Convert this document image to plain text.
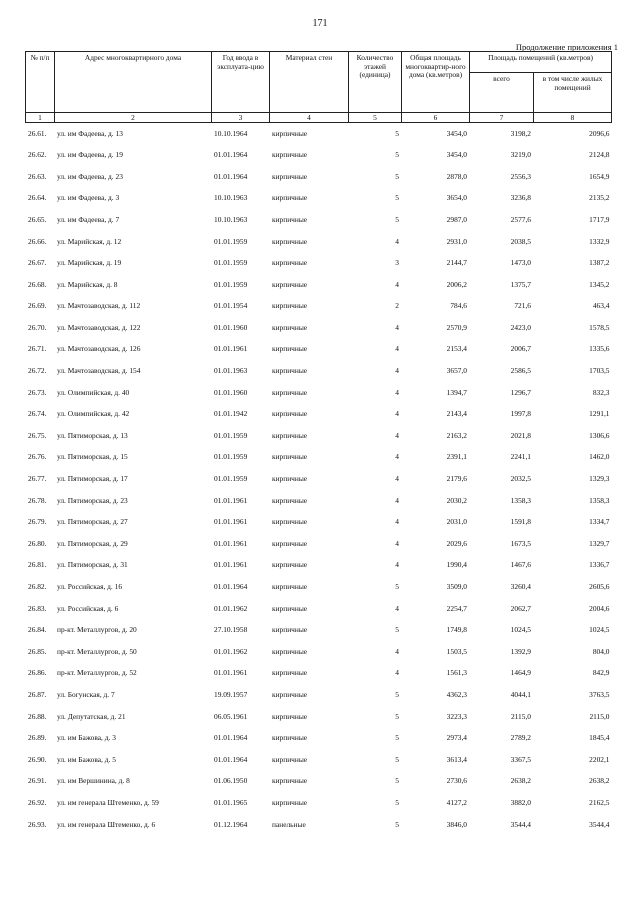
171
Продолжение приложения 1
№ п/п	Адрес многоквартирного дома	Год ввода в эксплуата-цию	Материал стен	Количество этажей (единица)	Общая площадь многоквартир-ного дома (кв.метров)	Площадь помещений (кв.метров)	
						всего	в том числе жилых помещений
1	2	3	4	5	6	7	8
26.61.	ул. им Фадеева, д. 13	10.10.1964	кирпичные	5	3454,0	3198,2	2096,6
26.62.	ул. им Фадеева, д. 19	01.01.1964	кирпичные	5	3454,0	3219,0	2124,8
26.63.	ул. им Фадеева, д. 23	01.01.1964	кирпичные	5	2878,0	2556,3	1654,9
26.64.	ул. им Фадеева, д. 3	10.10.1963	кирпичные	5	3654,0	3236,8	2135,2
26.65.	ул. им Фадеева, д. 7	10.10.1963	кирпичные	5	2987,0	2577,6	1717,9
26.66.	ул. Марийская, д. 12	01.01.1959	кирпичные	4	2931,0	2038,5	1332,9
26.67.	ул. Марийская, д. 19	01.01.1959	кирпичные	3	2144,7	1473,0	1387,2
26.68.	ул. Марийская, д. 8	01.01.1959	кирпичные	4	2006,2	1375,7	1345,2
26.69.	ул. Мачтозаводская, д. 112	01.01.1954	кирпичные	2	784,6	721,6	463,4
26.70.	ул. Мачтозаводская, д. 122	01.01.1960	кирпичные	4	2570,9	2423,0	1578,5
26.71.	ул. Мачтозаводская, д. 126	01.01.1961	кирпичные	4	2153,4	2006,7	1335,6
26.72.	ул. Мачтозаводская, д. 154	01.01.1963	кирпичные	4	3657,0	2586,5	1703,5
26.73.	ул. Олимпийская, д. 40	01.01.1960	кирпичные	4	1394,7	1296,7	832,3
26.74.	ул. Олимпийская, д. 42	01.01.1942	кирпичные	4	2143,4	1997,8	1291,1
26.75.	ул. Пятиморская, д. 13	01.01.1959	кирпичные	4	2163,2	2021,8	1306,6
26.76.	ул. Пятиморская, д. 15	01.01.1959	кирпичные	4	2391,1	2241,1	1462,0
26.77.	ул. Пятиморская, д. 17	01.01.1959	кирпичные	4	2179,6	2032,5	1329,3
26.78.	ул. Пятиморская, д. 23	01.01.1961	кирпичные	4	2030,2	1358,3	1358,3
26.79.	ул. Пятиморская, д. 27	01.01.1961	кирпичные	4	2031,0	1591,8	1334,7
26.80.	ул. Пятиморская, д. 29	01.01.1961	кирпичные	4	2029,6	1673,5	1329,7
26.81.	ул. Пятиморская, д. 31	01.01.1961	кирпичные	4	1990,4	1467,6	1336,7
26.82.	ул. Российская, д. 16	01.01.1964	кирпичные	5	3509,0	3260,4	2605,6
26.83.	ул. Российская, д. 6	01.01.1962	кирпичные	4	2254,7	2062,7	2004,6
26.84.	пр-кт. Металлургов, д. 20	27.10.1958	кирпичные	5	1749,8	1024,5	1024,5
26.85.	пр-кт. Металлургов, д. 50	01.01.1962	кирпичные	4	1503,5	1392,9	804,0
26.86.	пр-кт. Металлургов, д. 52	01.01.1961	кирпичные	4	1561,3	1464,9	842,9
26.87.	ул. Богунская, д. 7	19.09.1957	кирпичные	5	4362,3	4044,1	3763,5
26.88.	ул. Депутатская, д. 21	06.05.1961	кирпичные	5	3223,3	2115,0	2115,0
26.89.	ул. им Бажова, д. 3	01.01.1964	кирпичные	5	2973,4	2789,2	1845,4
26.90.	ул. им Бажова, д. 5	01.01.1964	кирпичные	5	3613,4	3367,5	2202,1
26.91.	ул. им Вершинина, д. 8	01.06.1950	кирпичные	5	2730,6	2638,2	2638,2
26.92.	ул. им генерала Штеменко, д. 59	01.01.1965	кирпичные	5	4127,2	3882,0	2162,5
26.93.	ул. им генерала Штеменко, д. 6	01.12.1964	панельные	5	3846,0	3544,4	3544,4
